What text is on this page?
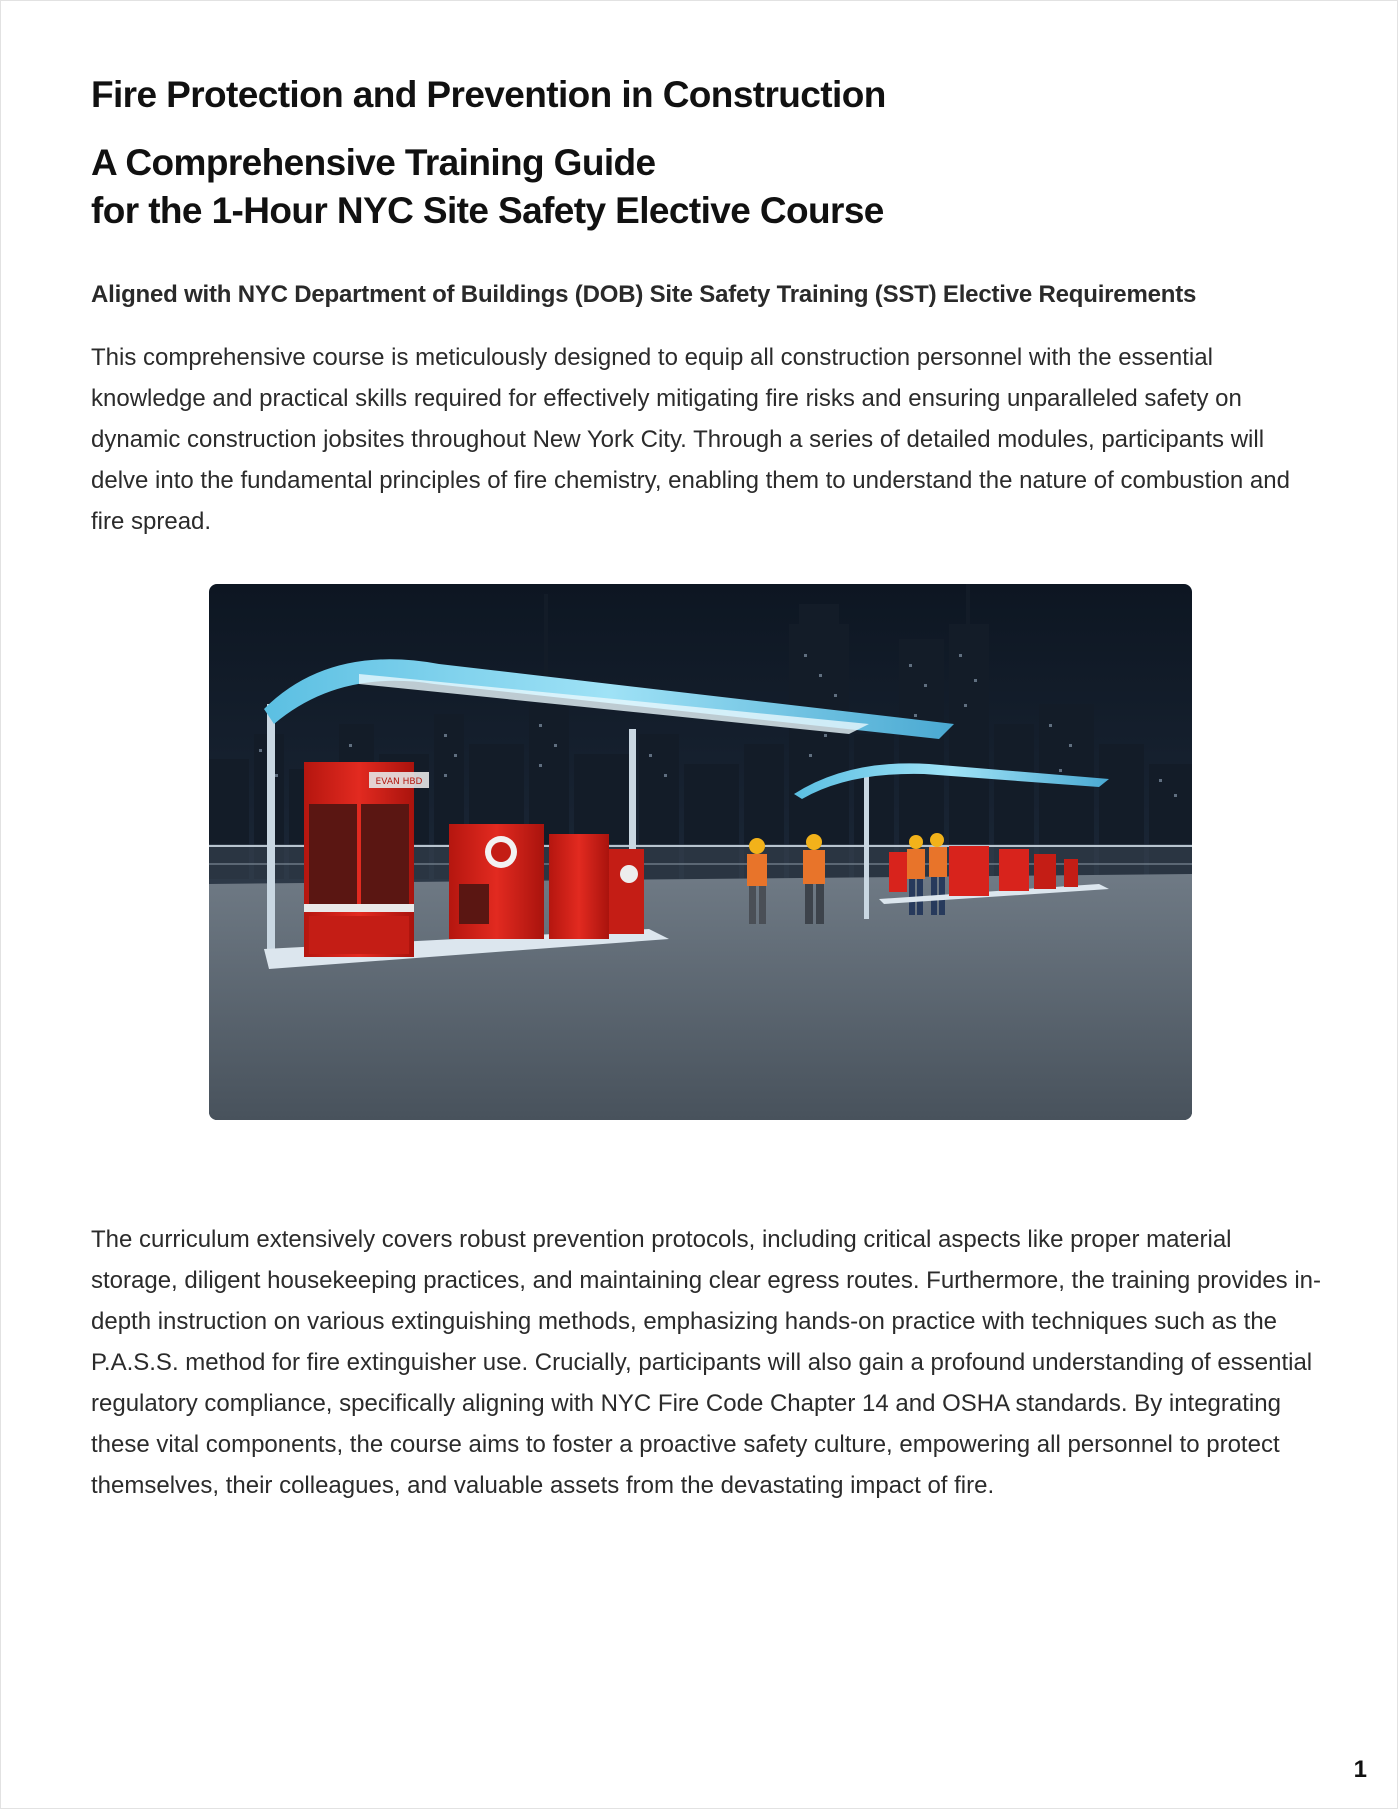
Fire Protection and Prevention in Construction
A Comprehensive Training Guide
for the 1-Hour NYC Site Safety Elective Course
Aligned with NYC Department of Buildings (DOB) Site Safety Training (SST) Elective Requirements

This comprehensive course is meticulously designed to equip all construction personnel with the essential knowledge and practical skills required for effectively mitigating fire risks and ensuring unparalleled safety on dynamic construction jobsites throughout New York City. Through a series of detailed modules, participants will delve into the fundamental principles of fire chemistry, enabling them to understand the nature of combustion and fire spread.

EVAN HBD

The curriculum extensively covers robust prevention protocols, including critical aspects like proper material storage, diligent housekeeping practices, and maintaining clear egress routes. Furthermore, the training provides in-depth instruction on various extinguishing methods, emphasizing hands-on practice with techniques such as the P.A.S.S. method for fire extinguisher use. Crucially, participants will also gain a profound understanding of essential regulatory compliance, specifically aligning with NYC Fire Code Chapter 14 and OSHA standards. By integrating these vital components, the course aims to foster a proactive safety culture, empowering all personnel to protect themselves, their colleagues, and valuable assets from the devastating impact of fire.

1
